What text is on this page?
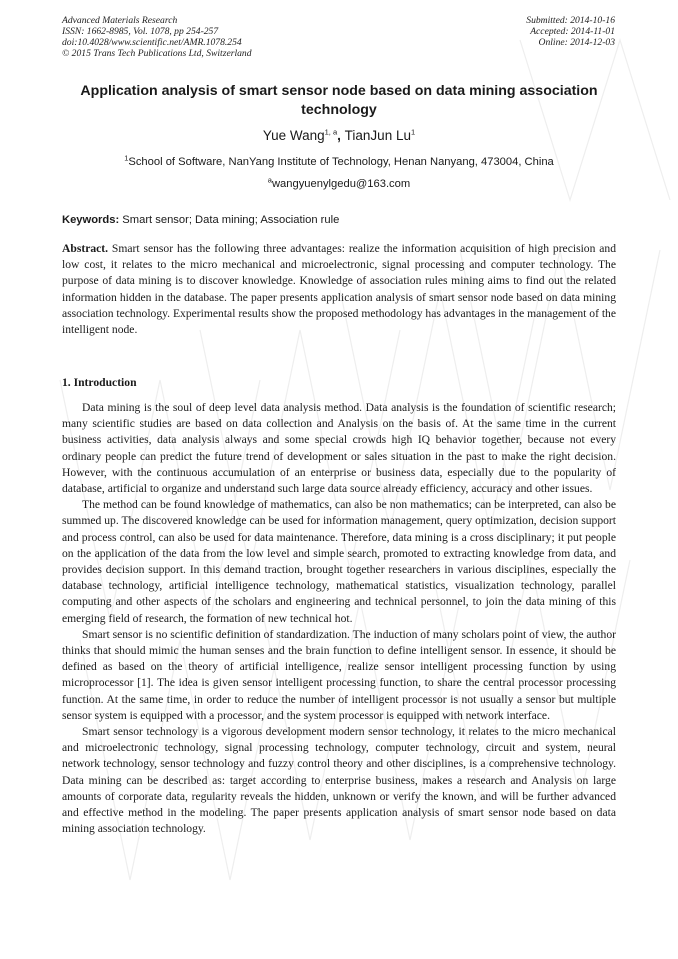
Advanced Materials Research
ISSN: 1662-8985, Vol. 1078, pp 254-257
doi:10.4028/www.scientific.net/AMR.1078.254
© 2015 Trans Tech Publications Ltd, Switzerland
Submitted: 2014-10-16
Accepted: 2014-11-01
Online: 2014-12-03
Application analysis of smart sensor node based on data mining association technology
Yue Wang$^{1, a}$, TianJun Lu$^1$
$^1$School of Software, NanYang Institute of Technology, Henan Nanyang, 473004, China
$^a$wangyuenylgedu@163.com
Keywords: Smart sensor; Data mining; Association rule

Abstract. Smart sensor has the following three advantages: realize the information acquisition of high precision and low cost, it relates to the micro mechanical and microelectronic, signal processing and computer technology. The purpose of data mining is to discover knowledge. Knowledge of association rules mining aims to find out the related information hidden in the database. The paper presents application analysis of smart sensor node based on data mining association technology. Experimental results show the proposed methodology has advantages in the management of the intelligent node.

1. Introduction

Data mining is the soul of deep level data analysis method. Data analysis is the foundation of scientific research; many scientific studies are based on data collection and Analysis on the basis of. At the same time in the current business activities, data analysis always and some special crowds high IQ behavior together, because not every ordinary people can predict the future trend of development or sales situation in the past to make the right decision. However, with the continuous accumulation of an enterprise or business data, especially due to the popularity of database, artificial to organize and understand such large data source already efficiency, accuracy and other issues.

The method can be found knowledge of mathematics, can also be non mathematics; can be interpreted, can also be summed up. The discovered knowledge can be used for information management, query optimization, decision support and process control, can also be used for data maintenance. Therefore, data mining is a cross disciplinary; it put people on the application of the data from the low level and simple search, promoted to extracting knowledge from data, and provides decision support. In this demand traction, brought together researchers in various disciplines, especially the database technology, artificial intelligence technology, mathematical statistics, visualization technology, parallel computing and other aspects of the scholars and engineering and technical personnel, to join the data mining of this emerging field of research, the formation of new technical hot.

Smart sensor is no scientific definition of standardization. The induction of many scholars point of view, the author thinks that should mimic the human senses and the brain function to define intelligent sensor. In essence, it should be defined as based on the theory of artificial intelligence, realize sensor intelligent processing function by using microprocessor [1]. The idea is given sensor intelligent processing function, to share the central processor processing function. At the same time, in order to reduce the number of intelligent processor is not usually a sensor but multiple sensor system is equipped with a processor, and the system processor is equipped with network interface.

Smart sensor technology is a vigorous development modern sensor technology, it relates to the micro mechanical and microelectronic technology, signal processing technology, computer technology, circuit and system, neural network technology, sensor technology and fuzzy control theory and other disciplines, is a comprehensive technology. Data mining can be described as: target according to enterprise business, makes a research and Analysis on large amounts of corporate data, regularity reveals the hidden, unknown or verify the known, and will be further advanced and effective method in the modeling. The paper presents application analysis of smart sensor node based on data mining association technology.
